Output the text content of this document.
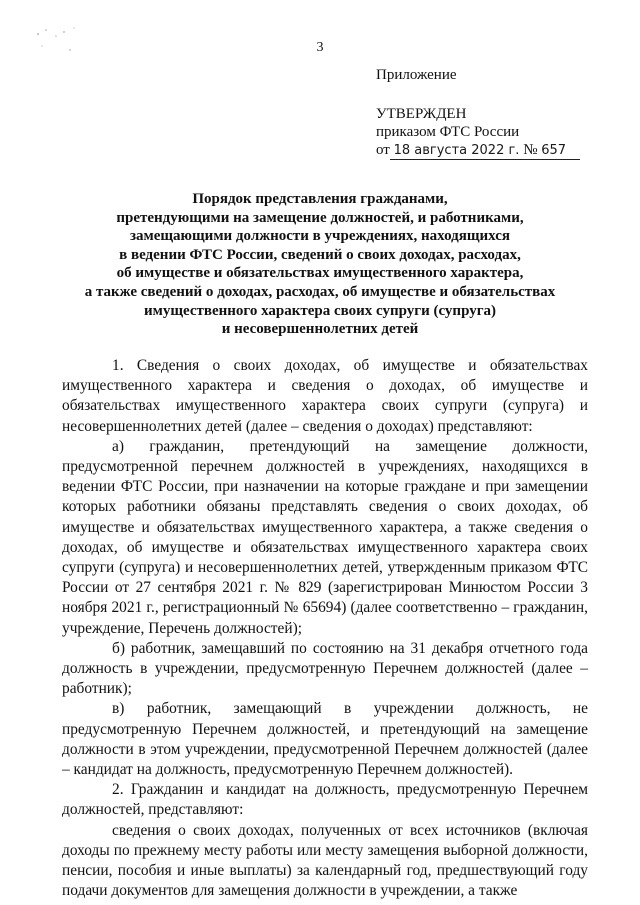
3
Приложение
УТВЕРЖДЕН
приказом ФТС России
от 18 августа 2022 г. № 657
Порядок представления гражданами,
претендующими на замещение должностей, и работниками,
замещающими должности в учреждениях, находящихся
в ведении ФТС России, сведений о своих доходах, расходах,
об имуществе и обязательствах имущественного характера,
а также сведений о доходах, расходах, об имуществе и обязательствах
имущественного характера своих супруги (супруга)
и несовершеннолетних детей

1. Сведения о своих доходах, об имуществе и обязательствах имущественного характера и сведения о доходах, об имуществе и обязательствах имущественного характера своих супруги (супруга) и несовершеннолетних детей (далее – сведения о доходах) представляют:

а) гражданин, претендующий на замещение должности, предусмотренной перечнем должностей в учреждениях, находящихся в ведении ФТС России, при назначении на которые граждане и при замещении которых работники обязаны представлять сведения о своих доходах, об имуществе и обязательствах имущественного характера, а также сведения о доходах, об имуществе и обязательствах имущественного характера своих супруги (супруга) и несовершеннолетних детей, утвержденным приказом ФТС России от 27 сентября 2021 г. № 829 (зарегистрирован Минюстом России 3 ноября 2021 г., регистрационный № 65694) (далее соответственно – гражданин, учреждение, Перечень должностей);

б) работник, замещавший по состоянию на 31 декабря отчетного года должность в учреждении, предусмотренную Перечнем должностей (далее – работник);

в) работник, замещающий в учреждении должность, не предусмотренную Перечнем должностей, и претендующий на замещение должности в этом учреждении, предусмотренной Перечнем должностей (далее – кандидат на должность, предусмотренную Перечнем должностей).

2. Гражданин и кандидат на должность, предусмотренную Перечнем должностей, представляют:

сведения о своих доходах, полученных от всех источников (включая доходы по прежнему месту работы или месту замещения выборной должности, пенсии, пособия и иные выплаты) за календарный год, предшествующий году подачи документов для замещения должности в учреждении, а также
